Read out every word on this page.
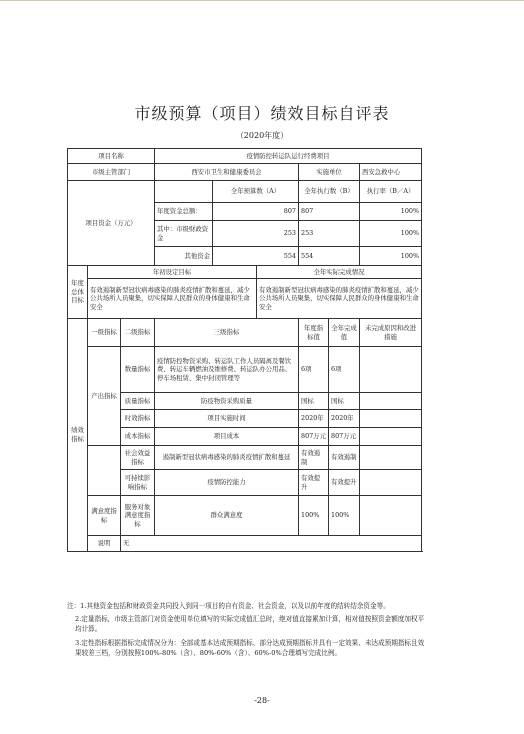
市级预算（项目）绩效目标自评表
（2020年度）
项目名称			疫情防控转运队运行经费项目					
市级主管部门			西安市卫生和健康委员会			实施单位		西安急救中心
项目资金（万元）				全年预算数（A）		全年执行数（B）		执行率（B／A）
			年度资金总额：	807		807		100%
			其中：市级财政资金	253		253		100%
			其他资金	554		554		100%
年度总体目标	年初设定目标				全年实际完成情况			
	有效遏制新型冠状病毒感染的肺炎疫情扩散和蔓延，减少公共场所人员聚集，切实保障人民群众的身体健康和生命安全				有效遏制新型冠状病毒感染的肺炎疫情扩散和蔓延，减少公共场所人员聚集，切实保障人民群众的身体健康和生命安全			
绩效指标	一级指标	二级指标	三级指标			年度指标值	全年完成值	未完成原因和改进措施
	产出指标	数量指标	疫情防控物资采购、转运队工作人员隔离及餐饮费、转运车辆燃油及维修费、转运队办公用品、停车场租赁、集中封闭管理等			6项	6项	
		质量指标	防疫物资采购质量			国标	国标	
		时效指标	项目实施时间			2020年	2020年	
		成本指标	项目成本			807万元	807万元	
		社会效益指标	遏制新型冠状病毒感染的肺炎疫情扩散和蔓延			有效遏制	有效遏制	
		可持续影响指标	疫情防控能力			有效提升	有效提升	
	满意度指标	服务对象满意度指标	群众满意度			100%	100%	
	说明	无						

注：1.其他资金包括和财政资金共同投入到同一项目的自有资金、社会资金，以及以前年度的结转结余资金等。

2.定量指标，市级主管部门对资金使用单位填写的实际完成值汇总时，绝对值直接累加计算，相对值按照资金额度加权平均计算。

3.定性指标根据指标完成情况分为：全部或基本达成预期指标、部分达成预期指标并具有一定效果、未达成预期指标且效果较差三档，分别按照100%-80%（含）、80%-60%（含）、60%-0%合理填写完成比例。

-28-
